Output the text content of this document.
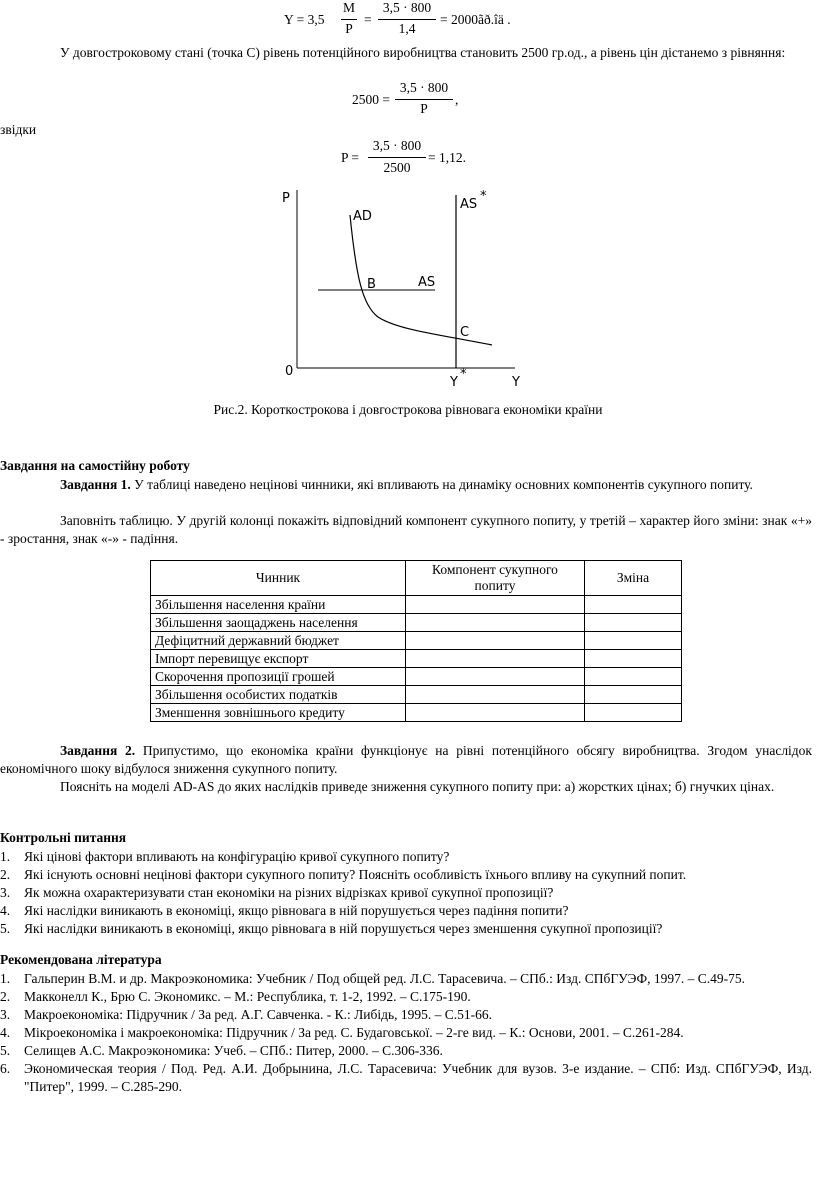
Y = 3,5
M
P
=
3,5 · 800
1,4
= 2000ãð.îä .
У довгостроковому стані (точка С) рівень потенційного виробництва становить 2500 гр.од., а рівень цін дістанемо з рівняння:
2500 =
3,5 · 800
P
,
звідки
P =
3,5 · 800
2500
= 1,12.
P
Y
0
AD
AS
AS
*
B
C
Y
*
Рис.2. Короткострокова і довгострокова рівновага економіки країни
Завдання на самостійну роботу
Завдання 1. У таблиці наведено нецінові чинники, які впливають на динаміку основних компонентів сукупного попиту.
Заповніть таблицю. У другій колонці покажіть відповідний компонент сукупного попиту, у третій – характер його зміни: знак «+» - зростання, знак «-» - падіння.
Чинник	Компонент сукупного попиту	Зміна
Збільшення населення країни		
Збільшення заощаджень населення		
Дефіцитний державний бюджет		
Імпорт перевищує експорт		
Скорочення пропозиції грошей		
Збільшення особистих податків		
Зменшення зовнішнього кредиту		
Завдання 2. Припустимо, що економіка країни функціонує на рівні потенційного обсягу виробництва. Згодом унаслідок економічного шоку відбулося зниження сукупного попиту.
Поясніть на моделі AD-AS до яких наслідків приведе зниження сукупного попиту при: а) жорстких цінах; б) гнучких цінах.
Контрольні питання
1. Які цінові фактори впливають на конфігурацію кривої сукупного попиту?
2. Які існують основні нецінові фактори сукупного попиту? Поясніть особливість їхнього впливу на сукупний попит.
3. Як можна охарактеризувати стан економіки на різних відрізках кривої сукупної пропозиції?
4. Які наслідки виникають в економіці, якщо рівновага в ній порушується через падіння попити?
5. Які наслідки виникають в економіці, якщо рівновага в ній порушується через зменшення сукупної пропозиції?
Рекомендована література
1. Гальперин В.М. и др. Макроэкономика: Учебник / Под общей ред. Л.С. Тарасевича. – СПб.: Изд. СПбГУЭФ, 1997. – С.49-75.
2. Макконелл К., Брю С. Экономикс. – М.: Республика, т. 1-2, 1992. – С.175-190.
3. Макроекономіка: Підручник / За ред. А.Г. Савченка. - К.: Либідь, 1995. – С.51-66.
4. Мікроекономіка і макроекономіка: Підручник / За ред. С. Будаговської. – 2-ге вид. – К.: Основи, 2001. – С.261-284.
5. Селищев А.С. Макроэкономика: Учеб. – СПб.: Питер, 2000. – С.306-336.
6. Экономическая теория / Под. Ред. А.И. Добрынина, Л.С. Тарасевича: Учебник для вузов. 3-е издание. – СПб: Изд. СПбГУЭФ, Изд. "Питер", 1999. – С.285-290.
